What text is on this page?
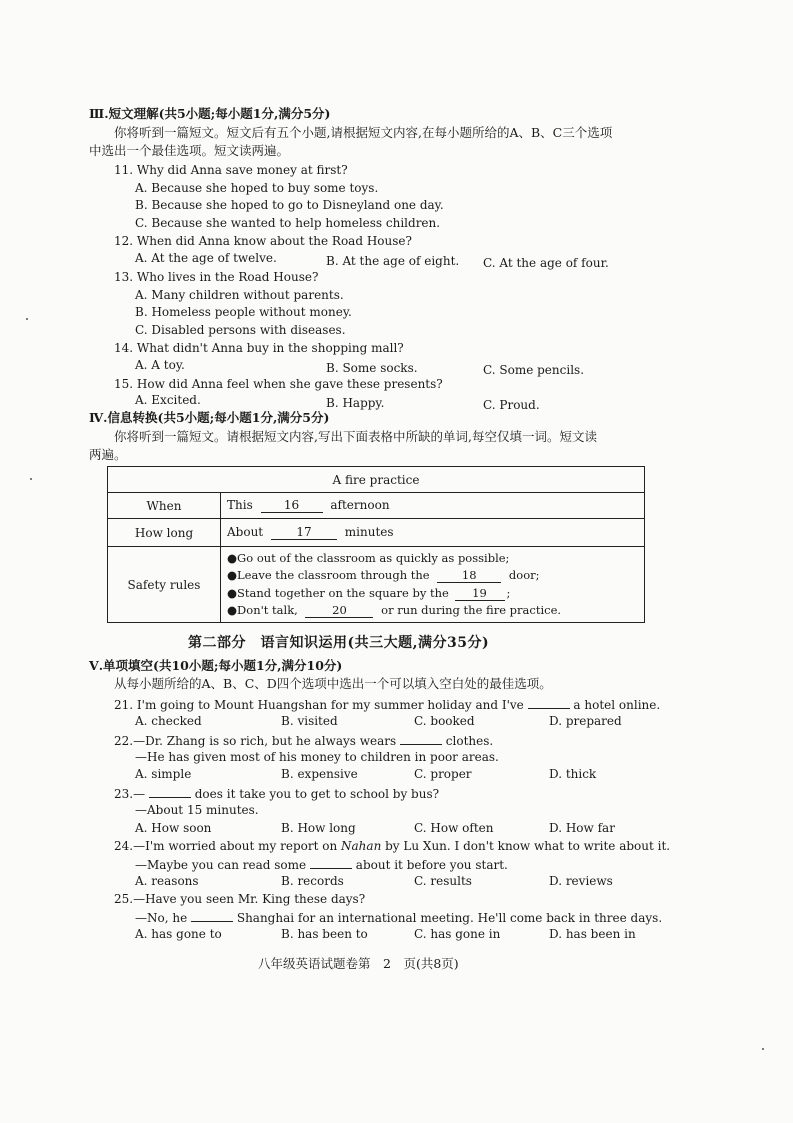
Ⅲ.短文理解(共5小题;每小题1分,满分5分)
你将听到一篇短文。短文后有五个小题,请根据短文内容,在每小题所给的A、B、C三个选项
中选出一个最佳选项。短文读两遍。
11. Why did Anna save money at first?
A. Because she hoped to buy some toys.
B. Because she hoped to go to Disneyland one day.
C. Because she wanted to help homeless children.
12. When did Anna know about the Road House?
A. At the age of twelve.	B. At the age of eight. C. At the age of four.
13. Who lives in the Road House?
A. Many children without parents.
B. Homeless people without money.
C. Disabled persons with diseases.
14. What didn't Anna buy in the shopping mall?
A. A toy.	B. Some socks.	C. Some pencils.
15. How did Anna feel when she gave these presents?
A. Excited.	B. Happy.	C. Proud.
Ⅳ.信息转换(共5小题;每小题1分,满分5分)
你将听到一篇短文。请根据短文内容,写出下面表格中所缺的单词,每空仅填一词。短文读
两遍。
A fire practice	
When	This 16 afternoon
How long	About 17 minutes
Safety rules	●Go out of the classroom as quickly as possible;
●Leave the classroom through the 18 door;
●Stand together on the square by the 19 ;
●Don't talk, 20 or run during the fire practice.
第二部分　语言知识运用(共三大题,满分35分)
Ⅴ.单项填空(共10小题;每小题1分,满分10分)
从每小题所给的A、B、C、D四个选项中选出一个可以填入空白处的最佳选项。
21. I'm going to Mount Huangshan for my summer holiday and I've	a hotel online.
A. checked	B. visited	C. booked	D. prepared
22.—Dr. Zhang is so rich, but he always wears	clothes.
—He has given most of his money to children in poor areas.
A. simple	B. expensive	C. proper	D. thick
23.—	does it take you to get to school by bus?
—About 15 minutes.
A. How soon	B. How long	C. How often	D. How far
24.—I'm worried about my report on Nahan by Lu Xun. I don't know what to write about it.
—Maybe you can read some	about it before you start.
A. reasons	B. records	C. results	D. reviews
25.—Have you seen Mr. King these days?
—No, he	Shanghai for an international meeting. He'll come back in three days.
A. has gone to	B. has been to	C. has gone in	D. has been in
八年级英语试题卷第　2　页(共8页)
